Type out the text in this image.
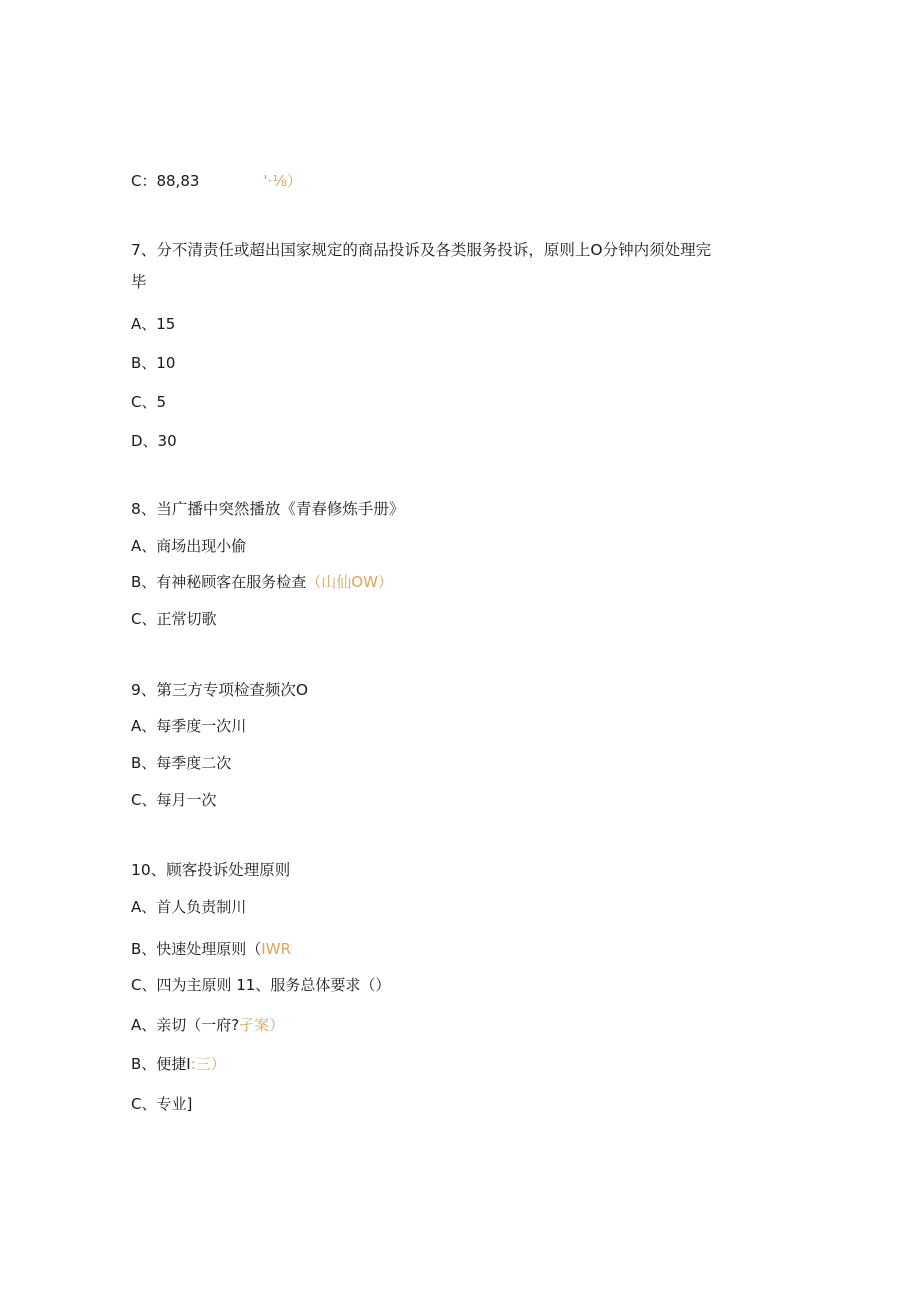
C：88,83	'·⅛）
7、分不清责任或超出国家规定的商品投诉及各类服务投诉，原则上O分钟内须处理完
毕
A、15
B、10
C、5
D、30
8、当广播中突然播放《青春修炼手册》
A、商场出现小偷
B、有神秘顾客在服务检查（山仙OW）
C、正常切歌
9、第三方专项检查频次O
A、每季度一次川
B、每季度二次
C、每月一次
10、顾客投诉处理原则
A、首人负责制川
B、快速处理原则（IWR
C、四为主原则 11、服务总体要求（）
A、亲切（一府?孑案）
B、便捷I:三）
C、专业]
